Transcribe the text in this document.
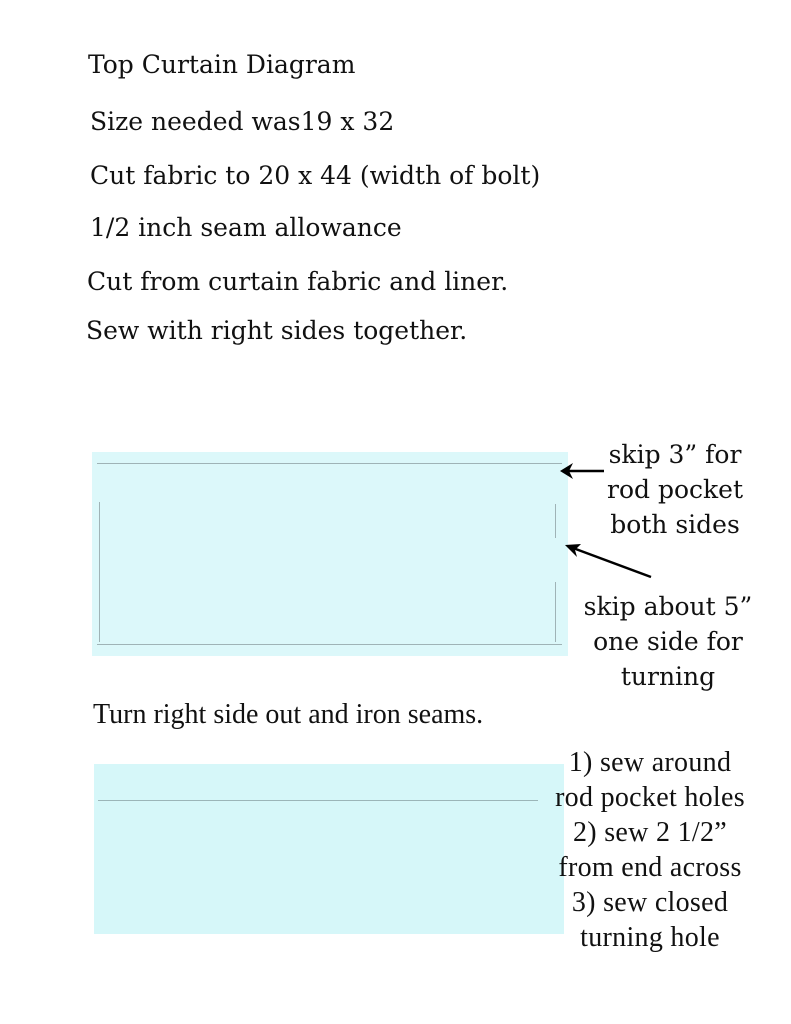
Top Curtain Diagram
Size needed was19 x 32
Cut fabric to 20 x 44 (width of bolt)
1/2 inch seam allowance
Cut from curtain fabric and liner.
Sew with right sides together.
skip 3” for
rod pocket
both sides
skip about 5”
one side for
turning
Turn right side out and iron seams.
1) sew around
rod pocket holes
2) sew 2 1/2”
from end across
3) sew closed
turning hole
